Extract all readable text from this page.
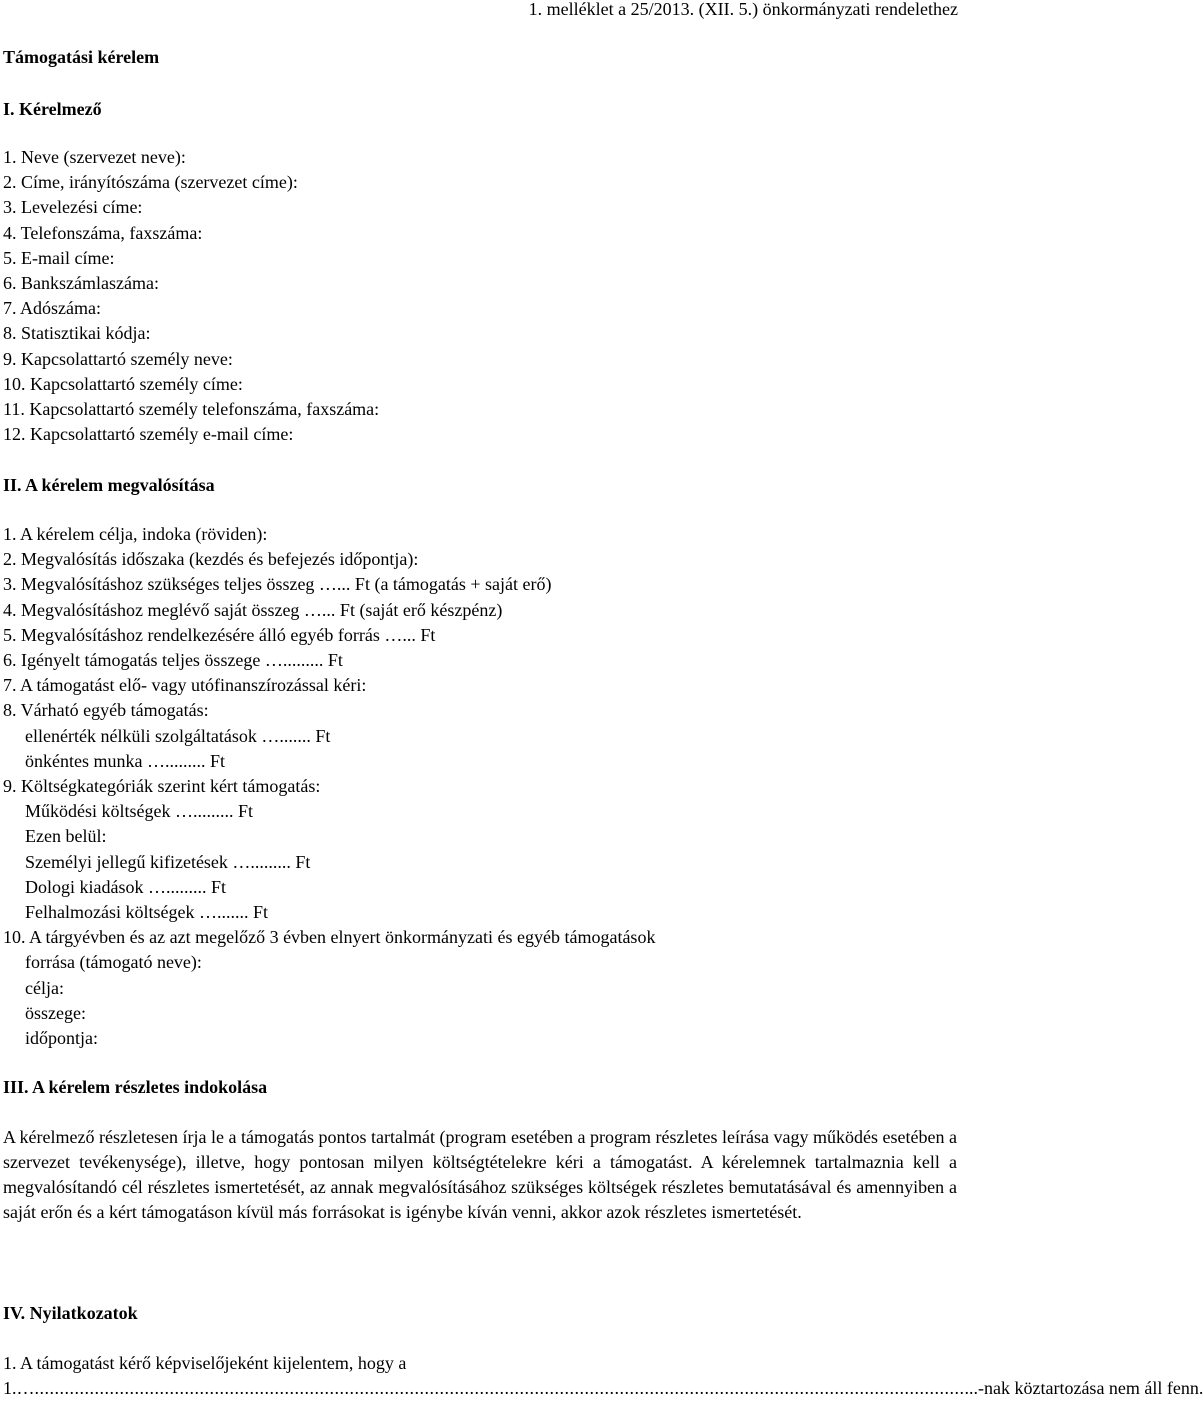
1. melléklet a 25/2013. (XII. 5.) önkormányzati rendelethez
Támogatási kérelem
I. Kérelmező
1. Neve (szervezet neve):
2. Címe, irányítószáma (szervezet címe):
3. Levelezési címe:
4. Telefonszáma, faxszáma:
5. E-mail címe:
6. Bankszámlaszáma:
7. Adószáma:
8. Statisztikai kódja:
9. Kapcsolattartó személy neve:
10. Kapcsolattartó személy címe:
11. Kapcsolattartó személy telefonszáma, faxszáma:
12. Kapcsolattartó személy e-mail címe:
II. A kérelem megvalósítása
1. A kérelem célja, indoka (röviden):
2. Megvalósítás időszaka (kezdés és befejezés időpontja):
3. Megvalósításhoz szükséges teljes összeg …... Ft (a támogatás + saját erő)
4. Megvalósításhoz meglévő saját összeg …... Ft (saját erő készpénz)
5. Megvalósításhoz rendelkezésére álló egyéb forrás …... Ft
6. Igényelt támogatás teljes összege …......... Ft
7. A támogatást elő- vagy utófinanszírozással kéri:
8. Várható egyéb támogatás:
ellenérték nélküli szolgáltatások …....... Ft
önkéntes munka …......... Ft
9. Költségkategóriák szerint kért támogatás:
Működési költségek …......... Ft
Ezen belül:
Személyi jellegű kifizetések …......... Ft
Dologi kiadások …......... Ft
Felhalmozási költségek …....... Ft
10. A tárgyévben és az azt megelőző 3 évben elnyert önkormányzati és egyéb támogatások
forrása (támogató neve):
célja:
összege:
időpontja:
III. A kérelem részletes indokolása
A kérelmező részletesen írja le a támogatás pontos tartalmát (program esetében a program részletes leírása vagy működés esetében a szervezet tevékenysége), illetve, hogy pontosan milyen költségtételekre kéri a támogatást. A kérelemnek tartalmaznia kell a megvalósítandó cél részletes ismertetését, az annak megvalósításához szükséges költségek részletes bemutatásával és amennyiben a saját erőn és a kért támogatáson kívül más forrásokat is igénybe kíván venni, akkor azok részletes ismertetését.
IV. Nyilatkozatok
1. A támogatást kérő képviselőjeként kijelentem, hogy a
1.… .......................................................................................................................................................................................... ...-nak köztartozása nem áll fenn.
